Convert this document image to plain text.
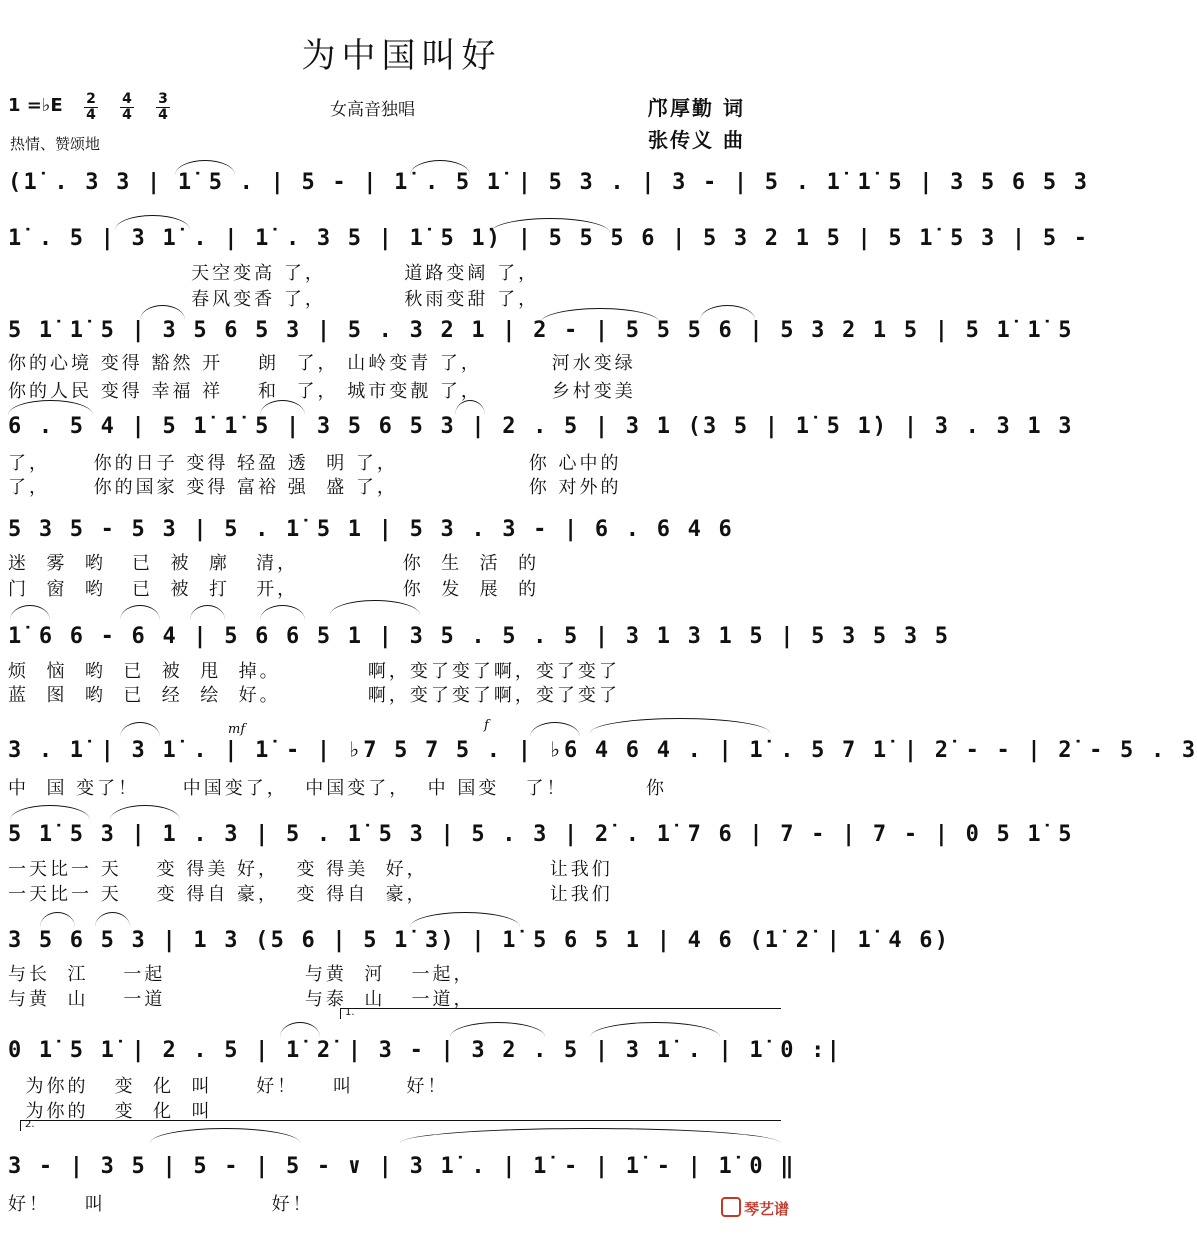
为中国叫好
女高音独唱
1 =♭E $\frac{2}{4} \frac{4}{4} \frac{3}{4}$
热情、赞颂地
邝厚勤 词
张传义 曲
(1̇ . 3 3 | 1̇ 5 . | 5 - | 1̇ . 5 1̇ | 5 3 . | 3 - | 5 . 1̇ 1̇ 5 | 3 5 6 5 3
1̇ . 5 | 3 1̇ . | 1̇ . 3 5 | 1̇ 5 1̇) | 5 5 5 6 | 5 3 2 1 5 | 5 1̇ 5 3 | 5 -
天空变高 了，         道路变阔 了，
春风变香 了，         秋雨变甜 了，
5 1̇ 1̇ 5 | 3 5 6 5 3 | 5 . 3 2 1 | 2 - | 5 5 5 6 | 5 3 2 1 5 | 5 1̇ 1̇ 5
你的心境 变得 豁然 开    朗  了， 山岭变青 了，        河水变绿
你的人民 变得 幸福 祥    和  了， 城市变靓 了，        乡村变美
6 . 5 4 | 5 1̇ 1̇ 5 | 3 5 6 5 3 | 2 . 5 | 3 1 (3 5 | 1̇ 5 1̇) | 3 . 3 1 3
了，     你的日子 变得 轻盈 透  明 了，               你 心中的
了，     你的国家 变得 富裕 强  盛 了，               你 对外的
5 3 5 - 5 3 | 5 . 1̇ 5 1 | 5 3 . 3 - | 6 . 6 4 6
迷  雾  哟   已  被  廓   清，            你  生  活  的
门  窗  哟   已  被  打   开，            你  发  展  的
1̇ 6 6 - 6 4 | 5 6 6 5 1 | 3 5 . 5 . 5 | 3 1 3 1 5 | 5 3 5 3 5
烦  恼  哟  已  被  甩  掉。          啊，变了变了啊，变了变了
蓝  图  哟  已  经  绘  好。          啊，变了变了啊，变了变了
mf	f
3 . 1̇ | 3 1̇ . | 1̇ - | ♭7 5 7 5 . | ♭6 4 6 4 . | 1̇ . 5 7 1̇ | 2̇ - - | 2̇ - 5 . 3
中  国 变了！     中国变了，  中国变了，  中 国变   了！         你
5 1̇ 5 3 | 1 . 3 | 5 . 1̇ 5 3 | 5 . 3 | 2̇ . 1̇ 7 6 | 7 - | 7 - | 0 5 1̇ 5
一天比一 天    变 得美 好，  变 得美  好，              让我们
一天比一 天    变 得自 豪，  变 得自  豪，              让我们
3 5 6 5 3 | 1 3 (5 6 | 5 1̇ 3) | 1̇ 5 6 5 1 | 4 6 (1̇ 2̇ | 1̇ 4 6)
与长  江    一起                与黄  河   一起，
与黄  山    一道                与泰  山   一道，
1.
0 1̇ 5 1̇ | 2 . 5 | 1̇ 2̇ | 3 - | 3 2 . 5 | 3 1̇ . | 1̇ 0 :|
为你的   变  化  叫     好！    叫      好！
为你的   变  化  叫
2.
3 - | 3 5 | 5 - | 5 - ∨ | 3 1̇ . | 1̇ - | 1̇ - | 1̇ 0 ‖
好！    叫                   好！	琴艺谱
